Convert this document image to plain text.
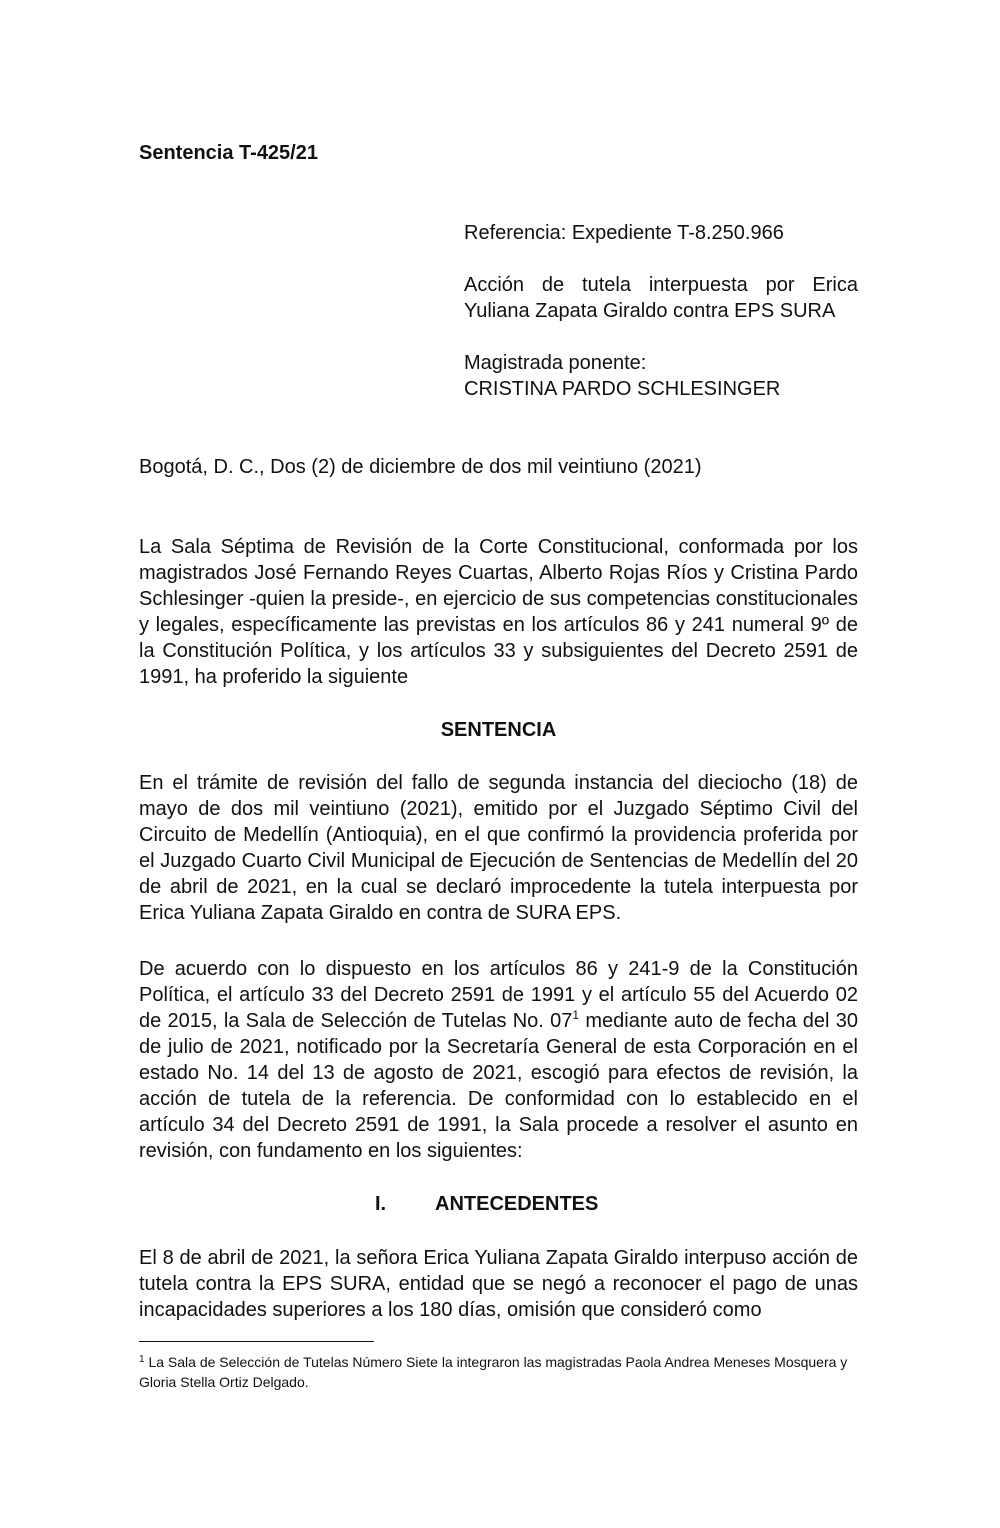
Sentencia T-425/21

Referencia: Expediente T-8.250.966

Acción de tutela interpuesta por Erica Yuliana Zapata Giraldo contra EPS SURA

Magistrada ponente:
CRISTINA PARDO SCHLESINGER

Bogotá, D. C., Dos (2) de diciembre de dos mil veintiuno (2021)

La Sala Séptima de Revisión de la Corte Constitucional, conformada por los magistrados José Fernando Reyes Cuartas, Alberto Rojas Ríos y Cristina Pardo Schlesinger -quien la preside-, en ejercicio de sus competencias constitucionales y legales, específicamente las previstas en los artículos 86 y 241 numeral 9º de la Constitución Política, y los artículos 33 y subsiguientes del Decreto 2591 de 1991, ha proferido la siguiente

SENTENCIA

En el trámite de revisión del fallo de segunda instancia del dieciocho (18) de mayo de dos mil veintiuno (2021), emitido por el Juzgado Séptimo Civil del Circuito de Medellín (Antioquia), en el que confirmó la providencia proferida por el Juzgado Cuarto Civil Municipal de Ejecución de Sentencias de Medellín del 20 de abril de 2021, en la cual se declaró improcedente la tutela interpuesta por Erica Yuliana Zapata Giraldo en contra de SURA EPS.

De acuerdo con lo dispuesto en los artículos 86 y 241-9 de la Constitución Política, el artículo 33 del Decreto 2591 de 1991 y el artículo 55 del Acuerdo 02 de 2015, la Sala de Selección de Tutelas No. $07^1$ mediante auto de fecha del 30 de julio de 2021, notificado por la Secretaría General de esta Corporación en el estado No. 14 del 13 de agosto de 2021, escogió para efectos de revisión, la acción de tutela de la referencia. De conformidad con lo establecido en el artículo 34 del Decreto 2591 de 1991, la Sala procede a resolver el asunto en revisión, con fundamento en los siguientes:

I. ANTECEDENTES

El 8 de abril de 2021, la señora Erica Yuliana Zapata Giraldo interpuso acción de tutela contra la EPS SURA, entidad que se negó a reconocer el pago de unas incapacidades superiores a los 180 días, omisión que consideró como

$^1$ La Sala de Selección de Tutelas Número Siete la integraron las magistradas Paola Andrea Meneses Mosquera y Gloria Stella Ortiz Delgado.
